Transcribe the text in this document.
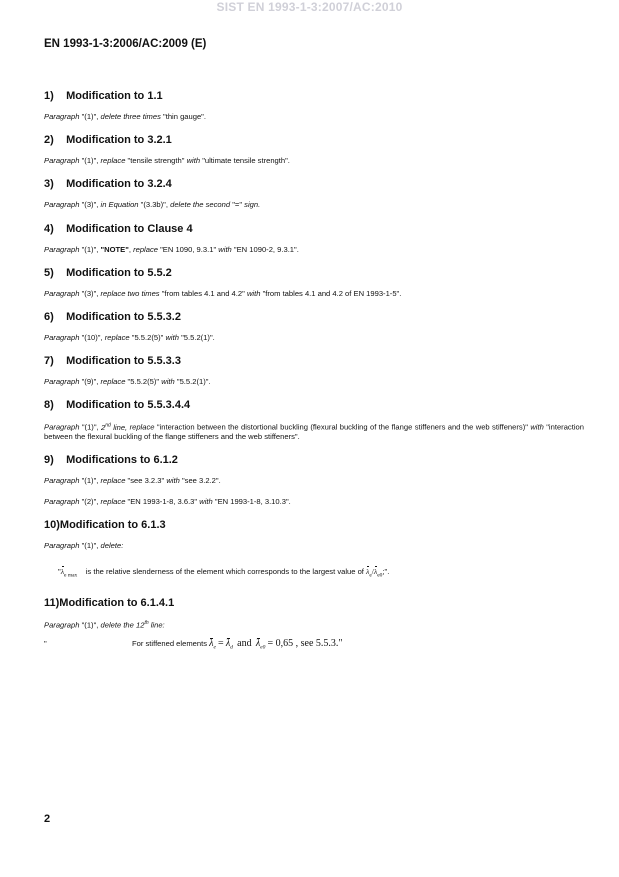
SIST EN 1993-1-3:2007/AC:2010
EN 1993-1-3:2006/AC:2009 (E)

1) Modification to 1.1

Paragraph "(1)", delete three times "thin gauge".

2) Modification to 3.2.1

Paragraph "(1)", replace "tensile strength" with "ultimate tensile strength".

3) Modification to 3.2.4

Paragraph "(3)", in Equation "(3.3b)", delete the second "=" sign.

4) Modification to Clause 4

Paragraph "(1)", "NOTE", replace "EN 1090, 9.3.1" with "EN 1090-2, 9.3.1".

5) Modification to 5.5.2

Paragraph "(3)", replace two times "from tables 4.1 and 4.2" with "from tables 4.1 and 4.2 of EN 1993-1-5".

6) Modification to 5.5.3.2

Paragraph "(10)", replace "5.5.2(5)" with "5.5.2(1)".

7) Modification to 5.5.3.3

Paragraph "(9)", replace "5.5.2(5)" with "5.5.2(1)".

8) Modification to 5.5.3.4.4

Paragraph "(1)", 2nd line, replace "interaction between the distortional buckling (flexural buckling of the flange stiffeners and the web stiffeners)" with "interaction between the flexural buckling of the flange stiffeners and the web stiffeners".

9) Modifications to 6.1.2

Paragraph "(1)", replace "see 3.2.3" with "see 3.2.2".

Paragraph "(2)", replace "EN 1993-1-8, 3.6.3" with "EN 1993-1-8, 3.10.3".

10)Modification to 6.1.3

Paragraph "(1)", delete:

"$\lambda_{e max}$ is the relative slenderness of the element which corresponds to the largest value of $\lambda_e/\lambda_{e0}$;".

11)Modification to 6.1.4.1

Paragraph "(1)", delete the 12th line:

"	For stiffened elements $\lambda_e = \lambda_d$ and $\lambda_{e0} = 0,65$ , see 5.5.3."
2
